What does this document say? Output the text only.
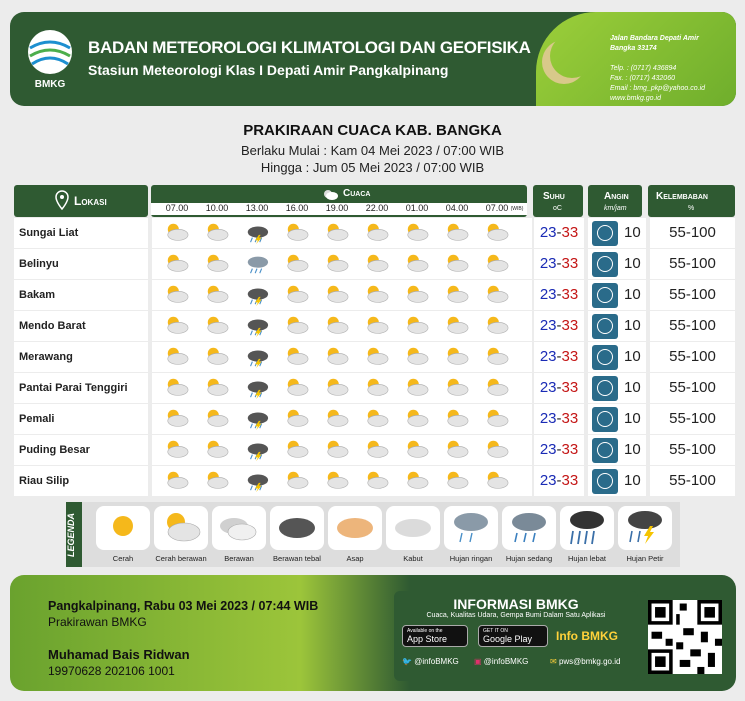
BMKG
BADAN METEOROLOGI KLIMATOLOGI DAN GEOFISIKA
Stasiun Meteorologi Klas I Depati Amir Pangkalpinang
Jalan Bandara Depati Amir
Bangka 33174
Telp. : (0717) 436894
Fax. : (0717) 432060
Email : bmg_pkp@yahoo.co.id
www.bmkg.go.id
PRAKIRAAN CUACA KAB. BANGKA
Berlaku Mulai : Kam 04 Mei 2023 / 07:00 WIB
Hingga : Jum 05 Mei 2023 / 07:00 WIB
Lokasi
Cuaca
07.00	10.00	13.00	16.00	19.00	22.00	01.00	04.00	07.00 (WIB)
Suhu
oC
Angin
km/jam
Kelembaban
%
Sungai Liat	23-33	10	55-100
Belinyu	23-33	10	55-100
Bakam	23-33	10	55-100
Mendo Barat	23-33	10	55-100
Merawang	23-33	10	55-100
Pantai Parai Tenggiri	23-33	10	55-100
Pemali	23-33	10	55-100
Puding Besar	23-33	10	55-100
Riau Silip	23-33	10	55-100
LEGENDA
Pangkalpinang, Rabu 03 Mei 2023 / 07:44 WIB
Prakirawan BMKG
Muhamad Bais Ridwan
19970628 202106 1001
INFORMASI BMKG
Cuaca, Kualitas Udara, Gempa Bumi Dalam Satu Aplikasi
Available on the
App Store
GET IT ON
Google Play	Info BMKG
🐦 @infoBMKG ▣ @infoBMKG	✉ pws@bmkg.go.id
Cerah	Cerah berawan	Berawan	Berawan tebal	Asap	Kabut	Hujan ringan	Hujan sedang	Hujan lebat	Hujan Petir
